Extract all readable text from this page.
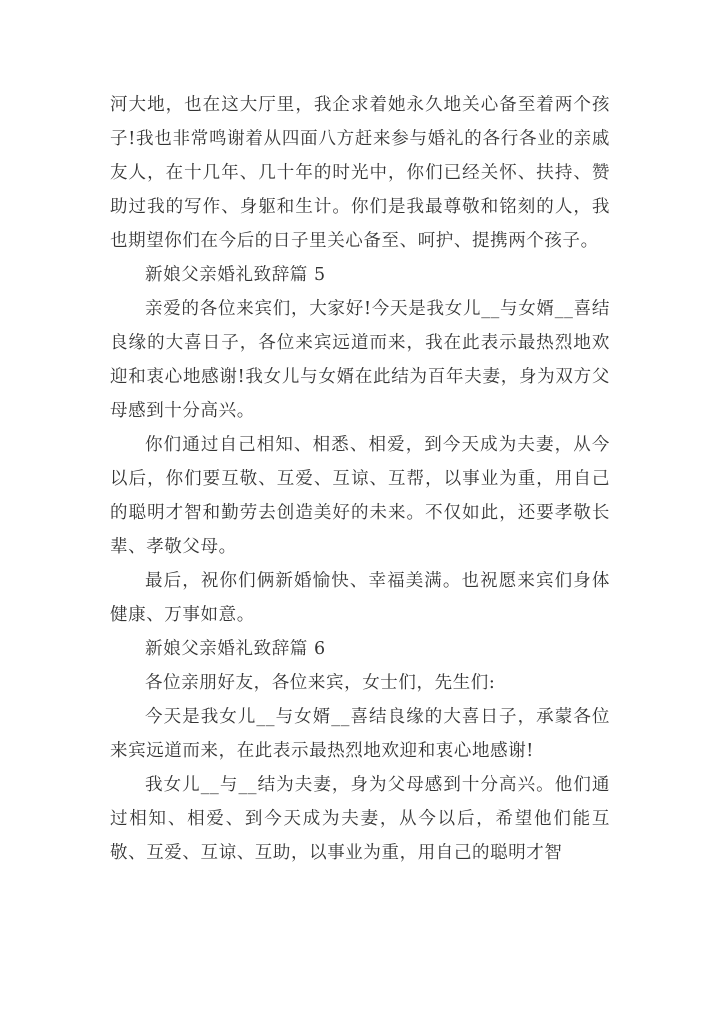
河大地，也在这大厅里，我企求着她永久地关心备至着两个孩子!我也非常鸣谢着从四面八方赶来参与婚礼的各行各业的亲戚友人，在十几年、几十年的时光中，你们已经关怀、扶持、赞助过我的写作、身躯和生计。你们是我最尊敬和铭刻的人，我也期望你们在今后的日子里关心备至、呵护、提携两个孩子。

新娘父亲婚礼致辞篇 5

亲爱的各位来宾们，大家好!今天是我女儿__与女婿__喜结良缘的大喜日子，各位来宾远道而来，我在此表示最热烈地欢迎和衷心地感谢!我女儿与女婿在此结为百年夫妻，身为双方父母感到十分高兴。

你们通过自己相知、相悉、相爱，到今天成为夫妻，从今以后，你们要互敬、互爱、互谅、互帮，以事业为重，用自己的聪明才智和勤劳去创造美好的未来。不仅如此，还要孝敬长辈、孝敬父母。

最后，祝你们俩新婚愉快、幸福美满。也祝愿来宾们身体健康、万事如意。

新娘父亲婚礼致辞篇 6

各位亲朋好友，各位来宾，女士们，先生们:

今天是我女儿__与女婿__喜结良缘的大喜日子，承蒙各位来宾远道而来，在此表示最热烈地欢迎和衷心地感谢!

我女儿__与__结为夫妻，身为父母感到十分高兴。他们通过相知、相爱、到今天成为夫妻，从今以后，希望他们能互敬、互爱、互谅、互助，以事业为重，用自己的聪明才智
